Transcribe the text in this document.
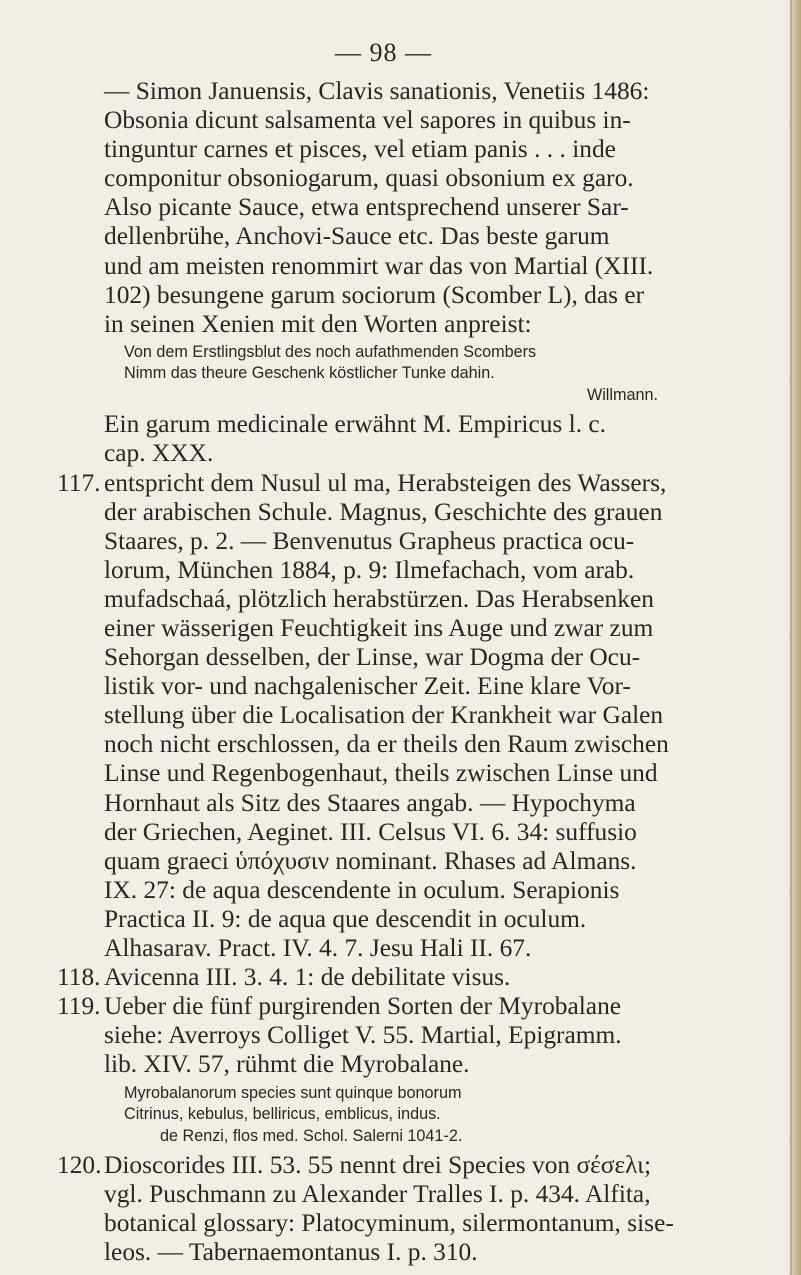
— 98 —
— Simon Januensis, Clavis sanationis, Venetiis 1486:
Obsonia dicunt salsamenta vel sapores in quibus in-
tinguntur carnes et pisces, vel etiam panis . . . inde
componitur obsoniogarum, quasi obsonium ex garo.
Also picante Sauce, etwa entsprechend unserer Sar-
dellenbrühe, Anchovi-Sauce etc. Das beste garum
und am meisten renommirt war das von Martial (XIII.
102) besungene garum sociorum (Scomber L), das er
in seinen Xenien mit den Worten anpreist:
Von dem Erstlingsblut des noch aufathmenden Scombers
Nimm das theure Geschenk köstlicher Tunke dahin.
Willmann.
Ein garum medicinale erwähnt M. Empiricus l. c.
cap. XXX.
117. entspricht dem Nusul ul ma, Herabsteigen des Wassers,
der arabischen Schule. Magnus, Geschichte des grauen
Staares, p. 2. — Benvenutus Grapheus practica ocu-
lorum, München 1884, p. 9: Ilmefachach, vom arab.
mufadschaá, plötzlich herabstürzen. Das Herabsenken
einer wässerigen Feuchtigkeit ins Auge und zwar zum
Sehorgan desselben, der Linse, war Dogma der Ocu-
listik vor- und nachgalenischer Zeit. Eine klare Vor-
stellung über die Localisation der Krankheit war Galen
noch nicht erschlossen, da er theils den Raum zwischen
Linse und Regenbogenhaut, theils zwischen Linse und
Hornhaut als Sitz des Staares angab. — Hypochyma
der Griechen, Aeginet. III. Celsus VI. 6. 34: suffusio
quam graeci ὑπόχυσιν nominant. Rhases ad Almans.
IX. 27: de aqua descendente in oculum. Serapionis
Practica II. 9: de aqua que descendit in oculum.
Alhasarav. Pract. IV. 4. 7. Jesu Hali II. 67.
118. Avicenna III. 3. 4. 1: de debilitate visus.
119. Ueber die fünf purgirenden Sorten der Myrobalane
siehe: Averroys Colliget V. 55. Martial, Epigramm.
lib. XIV. 57, rühmt die Myrobalane.
Myrobalanorum species sunt quinque bonorum
Citrinus, kebulus, belliricus, emblicus, indus.
de Renzi, flos med. Schol. Salerni 1041-2.
120. Dioscorides III. 53. 55 nennt drei Species von σέσελι;
vgl. Puschmann zu Alexander Tralles I. p. 434. Alfita,
botanical glossary: Platocyminum, silermontanum, sise-
leos. — Tabernaemontanus I. p. 310.
